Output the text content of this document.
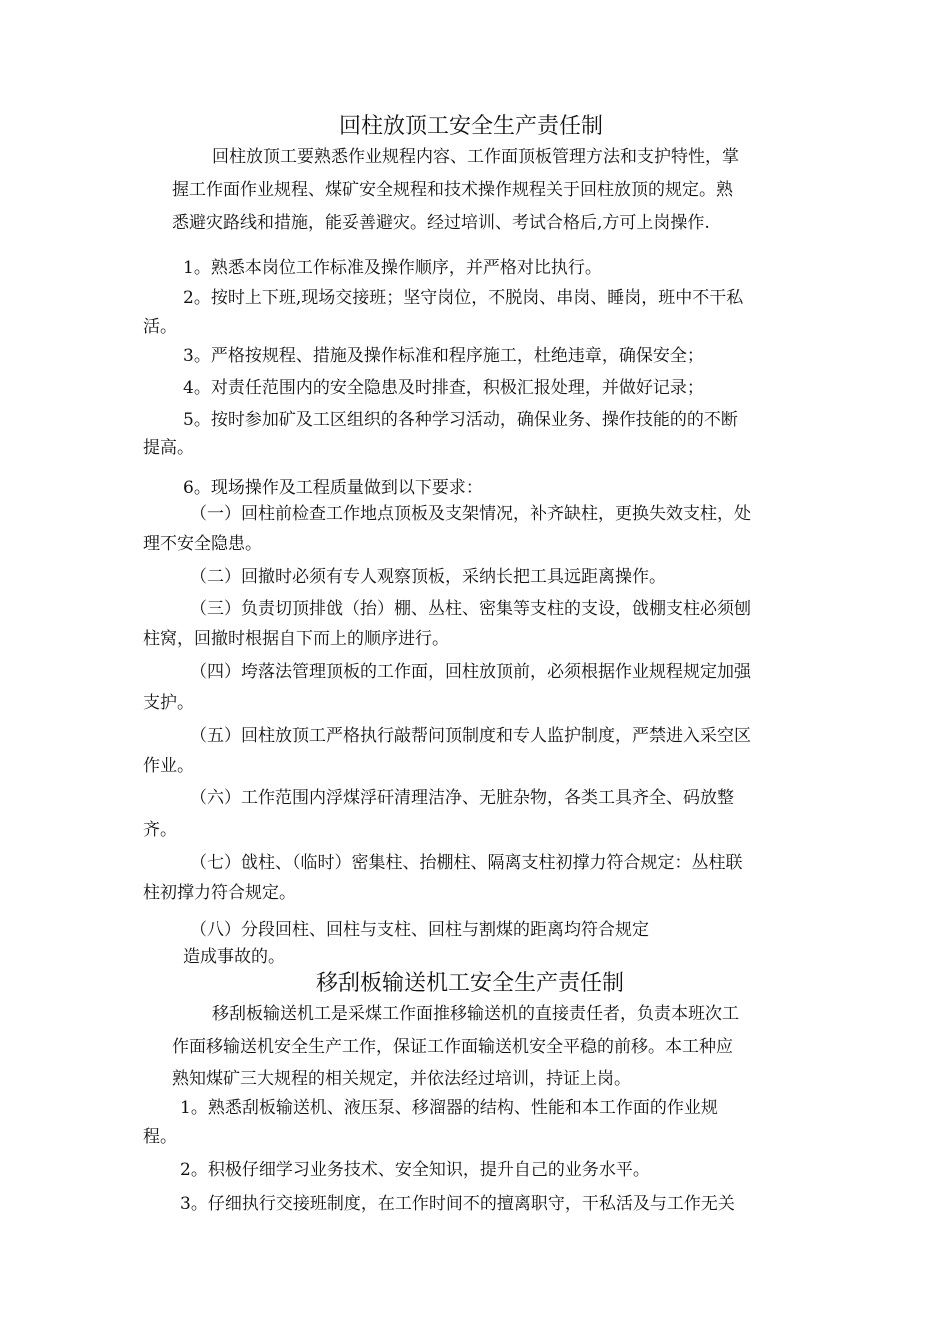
回柱放顶工安全生产责任制
回柱放顶工要熟悉作业规程内容、工作面顶板管理方法和支护特性，掌
握工作面作业规程、煤矿安全规程和技术操作规程关于回柱放顶的规定。熟
悉避灾路线和措施，能妥善避灾。经过培训、考试合格后,方可上岗操作.
1。熟悉本岗位工作标准及操作顺序，并严格对比执行。
2。按时上下班,现场交接班；坚守岗位，不脱岗、串岗、睡岗，班中不干私
活。
3。严格按规程、措施及操作标准和程序施工，杜绝违章，确保安全；
4。对责任范围内的安全隐患及时排查，积极汇报处理，并做好记录；
5。按时参加矿及工区组织的各种学习活动，确保业务、操作技能的的不断
提高。
6。现场操作及工程质量做到以下要求：
（一）回柱前检查工作地点顶板及支架情况，补齐缺柱，更换失效支柱，处
理不安全隐患。
（二）回撤时必须有专人观察顶板，采纳长把工具远距离操作。
（三）负责切顶排戗（抬）棚、丛柱、密集等支柱的支设，戗棚支柱必须刨
柱窝，回撤时根据自下而上的顺序进行。
（四）垮落法管理顶板的工作面，回柱放顶前，必须根据作业规程规定加强
支护。
（五）回柱放顶工严格执行敲帮问顶制度和专人监护制度，严禁进入采空区
作业。
（六）工作范围内浮煤浮矸清理洁净、无脏杂物，各类工具齐全、码放整
齐。
（七）戗柱、（临时）密集柱、抬棚柱、隔离支柱初撑力符合规定：丛柱联
柱初撑力符合规定。
（八）分段回柱、回柱与支柱、回柱与割煤的距离均符合规定
造成事故的。
移刮板输送机工安全生产责任制
移刮板输送机工是采煤工作面推移输送机的直接责任者，负责本班次工
作面移输送机安全生产工作，保证工作面输送机安全平稳的前移。本工种应
熟知煤矿三大规程的相关规定，并依法经过培训，持证上岗。
1。熟悉刮板输送机、液压泵、移溜器的结构、性能和本工作面的作业规
程。
2。积极仔细学习业务技术、安全知识，提升自己的业务水平。
3。仔细执行交接班制度，在工作时间不的擅离职守，干私活及与工作无关
